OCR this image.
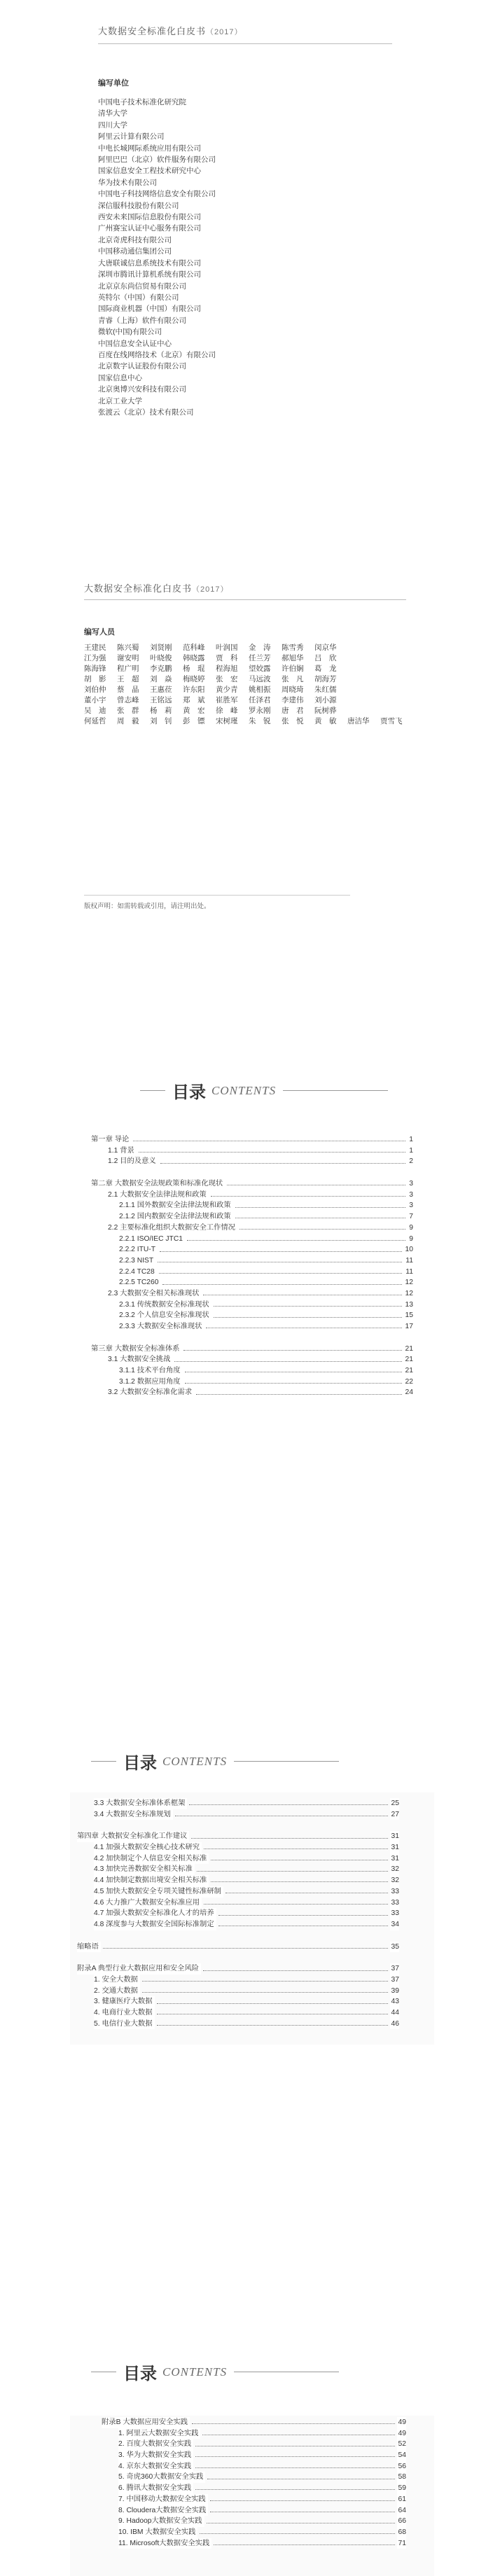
大数据安全标准化白皮书（2017）
编写单位
中国电子技术标准化研究院
清华大学
四川大学
阿里云计算有限公司
中电长城网际系统应用有限公司
阿里巴巴（北京）软件服务有限公司
国家信息安全工程技术研究中心
华为技术有限公司
中国电子科技网络信息安全有限公司
深信服科技股份有限公司
西安未来国际信息股份有限公司
广州赛宝认证中心服务有限公司
北京奇虎科技有限公司
中国移动通信集团公司
大唐联诚信息系统技术有限公司
深圳市腾讯计算机系统有限公司
北京京东尚信贸易有限公司
英特尔（中国）有限公司
国际商业机器（中国）有限公司
青睿（上海）软件有限公司
微软(中国)有限公司
中国信息安全认证中心
百度在线网络技术（北京）有限公司
北京数字认证股份有限公司
国家信息中心
北京奥博兴安科技有限公司
北京工业大学
张渡云（北京）技术有限公司
大数据安全标准化白皮书（2017）
编写人员
王建民	陈兴蜀	刘贤刚	范科峰	叶润国	金　涛	陈雪秀	闵京华
江为强	谢安明	叶晓俊	韩晓露	贾　科	任兰芳	郝旭华	吕　欣
陈海锋	程广明	李克鹏	杨　琨	程海旭	望姣露	许伯娴	葛　龙
胡　影	王　超	刘　焱	梅晓婷	张　宏	马远波	张　凡	胡海芳
刘伯仲	蔡　晶	王惠莅	许东阳	黄少青	姚相振	周晓琦	朱红儒
董小宇	曾志峰	王铭远	郑　斌	崔胜军	任泽君	李建伟	刘小源
吴　迪	张　群	杨　莉	黄　宏	徐　峰	罗永刚	唐　君	阮树骅
何延哲	周　毅	刘　钊	彭　镖	宋树瑾	朱　锐	张　悦	黄　敏	唐洁华	贾雪飞
版权声明：如需转载或引用，请注明出处。
目录 CONTENTS
第一章 导论	1
1.1 背景	1
1.2 目的及意义	2
第二章 大数据安全法规政策和标准化现状	3
2.1 大数据安全法律法规和政策	3
2.1.1 国外数据安全法律法规和政策	3
2.1.2 国内数据安全法律法规和政策	7
2.2 主要标准化组织大数据安全工作情况	9
2.2.1 ISO/IEC JTC1	9
2.2.2 ITU-T	10
2.2.3 NIST	11
2.2.4 TC28	11
2.2.5 TC260	12
2.3 大数据安全相关标准现状	12
2.3.1 传统数据安全标准现状	13
2.3.2 个人信息安全标准现状	15
2.3.3 大数据安全标准现状	17
第三章 大数据安全标准体系	21
3.1 大数据安全挑战	21
3.1.1 技术平台角度	21
3.1.2 数据应用角度	22
3.2 大数据安全标准化需求	24
目录 CONTENTS
3.3 大数据安全标准体系框架	25
3.4 大数据安全标准规划	27
第四章 大数据安全标准化工作建议	31
4.1 加强大数据安全核心技术研究	31
4.2 加快制定个人信息安全相关标准	31
4.3 加快完善数据安全相关标准	32
4.4 加快制定数据出境安全相关标准	32
4.5 加快大数据安全专项关键性标准研制	33
4.6 大力推广大数据安全标准应用	33
4.7 加强大数据安全标准化人才的培养	33
4.8 深度参与大数据安全国际标准制定	34
缩略语	35
附录A 典型行业大数据应用和安全风险	37
1. 安全大数据	37
2. 交通大数据	39
3. 健康医疗大数据	43
4. 电商行业大数据	44
5. 电信行业大数据	46
目录 CONTENTS
附录B 大数据应用安全实践	49
1. 阿里云大数据安全实践	49
2. 百度大数据安全实践	52
3. 华为大数据安全实践	54
4. 京东大数据安全实践	56
5. 奇虎360大数据安全实践	58
6. 腾讯大数据安全实践	59
7. 中国移动大数据安全实践	61
8. Cloudera大数据安全实践	64
9. Hadoop大数据安全实践	66
10. IBM 大数据安全实践	68
11. Microsoft大数据安全实践	71
